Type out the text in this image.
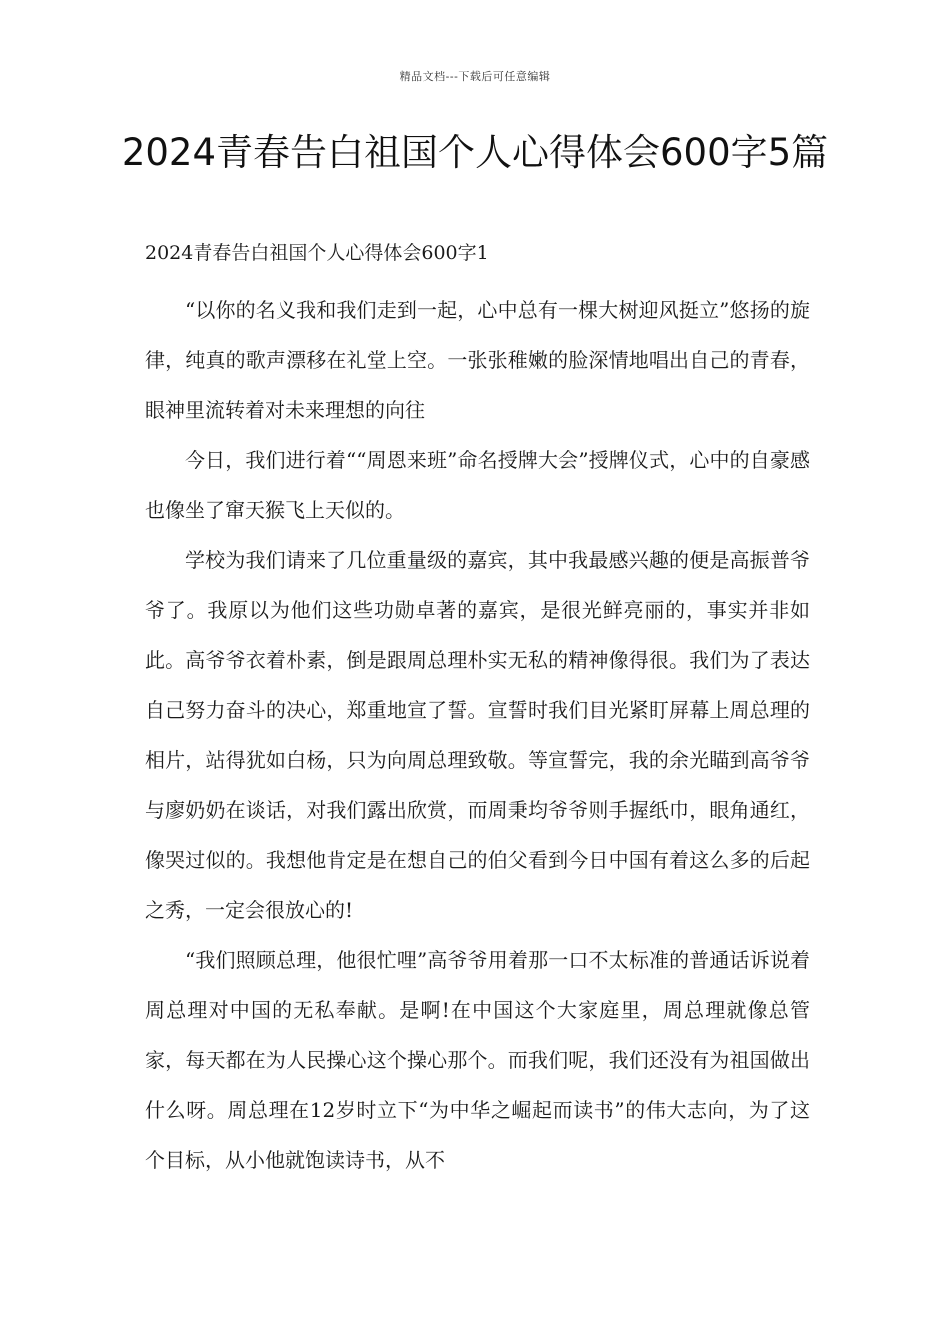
精品文档---下载后可任意编辑
2024青春告白祖国个人心得体会600字5篇

2024青春告白祖国个人心得体会600字1

“以你的名义我和我们走到一起，心中总有一棵大树迎风挺立”悠扬的旋律，纯真的歌声漂移在礼堂上空。一张张稚嫩的脸深情地唱出自己的青春，眼神里流转着对未来理想的向往

今日，我们进行着““周恩来班”命名授牌大会”授牌仪式，心中的自豪感也像坐了窜天猴飞上天似的。

学校为我们请来了几位重量级的嘉宾，其中我最感兴趣的便是高振普爷爷了。我原以为他们这些功勋卓著的嘉宾，是很光鲜亮丽的，事实并非如此。高爷爷衣着朴素，倒是跟周总理朴实无私的精神像得很。我们为了表达自己努力奋斗的决心，郑重地宣了誓。宣誓时我们目光紧盯屏幕上周总理的相片，站得犹如白杨，只为向周总理致敬。等宣誓完，我的余光瞄到高爷爷与廖奶奶在谈话，对我们露出欣赏，而周秉均爷爷则手握纸巾，眼角通红，像哭过似的。我想他肯定是在想自己的伯父看到今日中国有着这么多的后起之秀，一定会很放心的!

“我们照顾总理，他很忙哩”高爷爷用着那一口不太标准的普通话诉说着周总理对中国的无私奉献。是啊!在中国这个大家庭里，周总理就像总管家，每天都在为人民操心这个操心那个。而我们呢，我们还没有为祖国做出什么呀。周总理在12岁时立下“为中华之崛起而读书”的伟大志向，为了这个目标，从小他就饱读诗书，从不
